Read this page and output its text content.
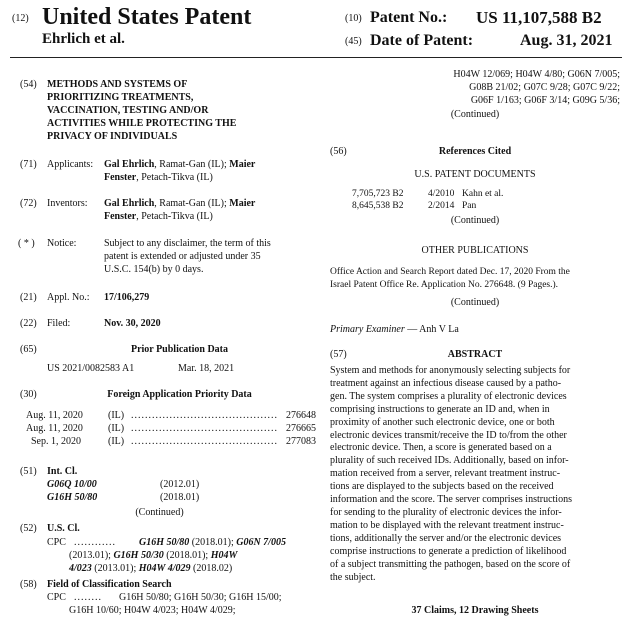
(12) United States Patent
Ehrlich et al.
(10) Patent No.: US 11,107,588 B2
(45) Date of Patent:	Aug. 31, 2021
(54) METHODS AND SYSTEMS OF
PRIORITIZING TREATMENTS,
VACCINATION, TESTING AND/OR
ACTIVITIES WHILE PROTECTING THE
PRIVACY OF INDIVIDUALS
(71) Applicants: Gal Ehrlich, Ramat-Gan (IL); Maier
Fenster, Petach-Tikva (IL)
(72) Inventors: Gal Ehrlich, Ramat-Gan (IL); Maier
Fenster, Petach-Tikva (IL)
( * ) Notice:	Subject to any disclaimer, the term of this
patent is extended or adjusted under 35
U.S.C. 154(b) by 0 days.
(21) Appl. No.: 17/106,279
(22) Filed:	Nov. 30, 2020
(65)	Prior Publication Data
US 2021/0082583 A1	Mar. 18, 2021
(30)	Foreign Application Priority Data
Aug. 11, 2020	(IL) .......................................... 276648
Aug. 11, 2020	(IL) .......................................... 276665
Sep. 1, 2020	(IL) .......................................... 277083
(51) Int. Cl.
G06Q 10/00	(2012.01)
G16H 50/80	(2018.01)
(Continued)
(52) U.S. Cl.
CPC ............ G16H 50/80 (2018.01); G06N 7/005
(2013.01); G16H 50/30 (2018.01); H04W
4/023 (2013.01); H04W 4/029 (2018.02)
(58) Field of Classification Search
CPC ........ G16H 50/80; G16H 50/30; G16H 15/00;
G16H 10/60; H04W 4/023; H04W 4/029;
H04W 12/069; H04W 4/80; G06N 7/005;
G08B 21/02; G07C 9/28; G07C 9/22;
G06F 1/163; G06F 3/14; G09G 5/36;
(Continued)
(56)	References Cited
U.S. PATENT DOCUMENTS
7,705,723 B2	4/2010 Kahn et al.
8,645,538 B2	2/2014 Pan
(Continued)
OTHER PUBLICATIONS
Office Action and Search Report dated Dec. 17, 2020 From the
Israel Patent Office Re. Application No. 276648. (9 Pages.).
(Continued)
Primary Examiner — Anh V La
(57)	ABSTRACT
System and methods for anonymously selecting subjects for
treatment against an infectious disease caused by a patho-
gen. The system comprises a plurality of electronic devices
comprising instructions to generate an ID and, when in
proximity of another such electronic device, one or both
electronic devices transmit/receive the ID to/from the other
electronic device. Then, a score is generated based on a
plurality of such received IDs. Additionally, based on infor-
mation received from a server, relevant treatment instruc-
tions are displayed to the subjects based on the received
information and the score. The server comprises instructions
for sending to the plurality of electronic devices the infor-
mation to be displayed with the relevant treatment instruc-
tions, additionally the server and/or the electronic devices
comprise instructions to generate a prediction of likelihood
of a subject transmitting the pathogen, based on the score of
the subject.
37 Claims, 12 Drawing Sheets
